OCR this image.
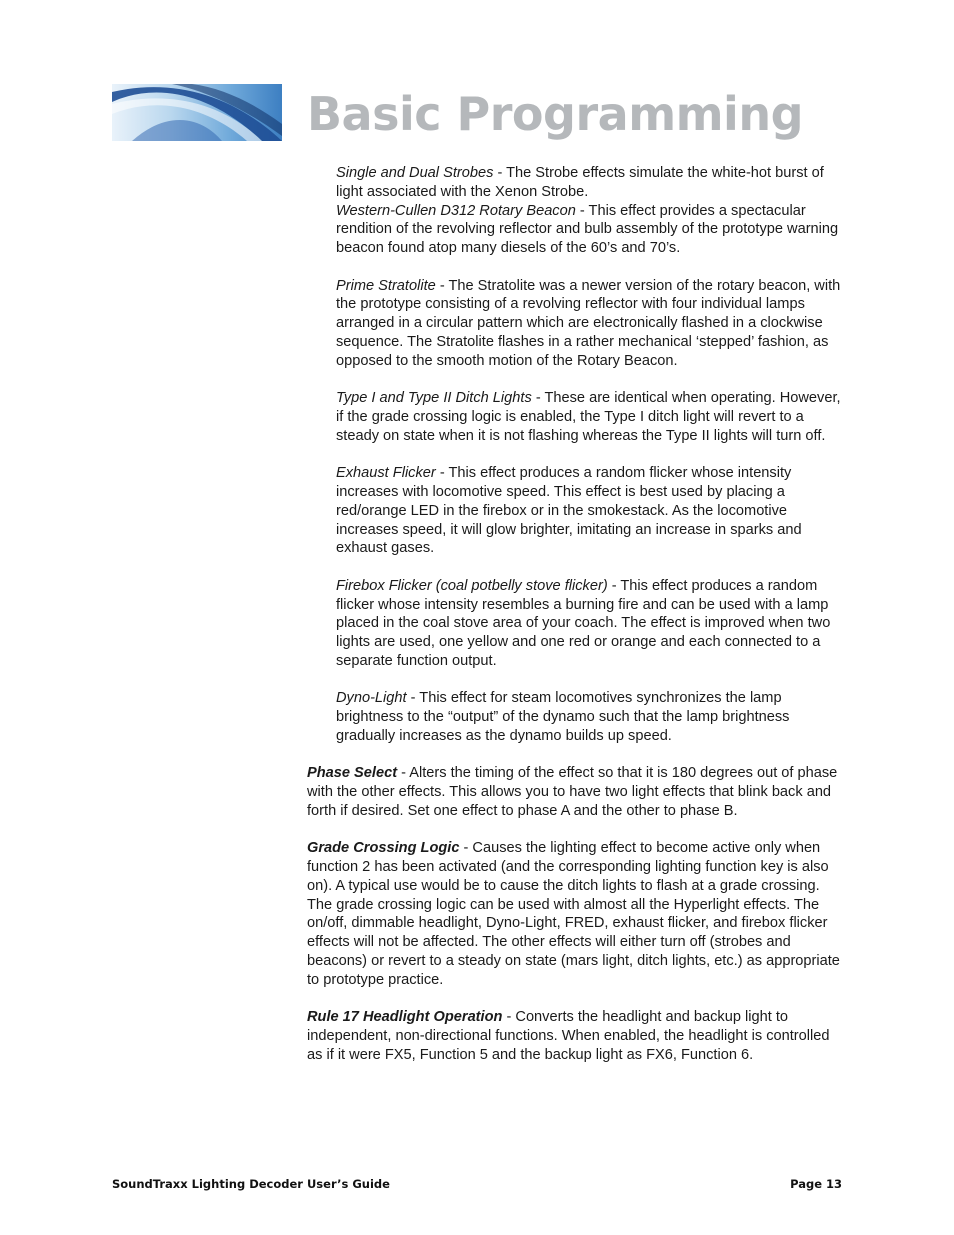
Basic Programming

Single and Dual Strobes - The Strobe effects simulate the white-hot burst of light associated with the Xenon Strobe.

Western-Cullen D312 Rotary Beacon - This effect provides a spectacular rendition of the revolving reflector and bulb assembly of the prototype warning beacon found atop many diesels of the 60’s and 70’s.

Prime Stratolite - The Stratolite was a newer version of the rotary beacon, with the prototype consisting of a revolving reflector with four individual lamps arranged in a circular pattern which are electronically flashed in a clockwise sequence. The Stratolite flashes in a rather mechanical ‘stepped’ fashion, as opposed to the smooth motion of the Rotary Beacon.

Type I and Type II Ditch Lights - These are identical when operating. However, if the grade crossing logic is enabled, the Type I ditch light will revert to a steady on state when it is not flashing whereas the Type II lights will turn off.

Exhaust Flicker - This effect produces a random flicker whose intensity increases with locomotive speed. This effect is best used by placing a red/orange LED in the firebox or in the smokestack. As the locomotive increases speed, it will glow brighter, imitating an increase in sparks and exhaust gases.

Firebox Flicker (coal potbelly stove flicker) - This effect produces a random flicker whose intensity resembles a burning fire and can be used with a lamp placed in the coal stove area of your coach. The effect is improved when two lights are used, one yellow and one red or orange and each connected to a separate function output.

Dyno-Light - This effect for steam locomotives synchronizes the lamp brightness to the “output” of the dynamo such that the lamp brightness gradually increases as the dynamo builds up speed.

Phase Select - Alters the timing of the effect so that it is 180 degrees out of phase with the other effects. This allows you to have two light effects that blink back and forth if desired. Set one effect to phase A and the other to phase B.

Grade Crossing Logic - Causes the lighting effect to become active only when function 2 has been activated (and the corresponding lighting function key is also on). A typical use would be to cause the ditch lights to flash at a grade crossing. The grade crossing logic can be used with almost all the Hyperlight effects. The on/off, dimmable headlight, Dyno-Light, FRED, exhaust flicker, and firebox flicker effects will not be affected. The other effects will either turn off (strobes and beacons) or revert to a steady on state (mars light, ditch lights, etc.) as appropriate to prototype practice.

Rule 17 Headlight Operation - Converts the headlight and backup light to independent, non-directional functions. When enabled, the headlight is controlled as if it were FX5, Function 5 and the backup light as FX6, Function 6.

SoundTraxx Lighting Decoder User’s Guide	Page 13
